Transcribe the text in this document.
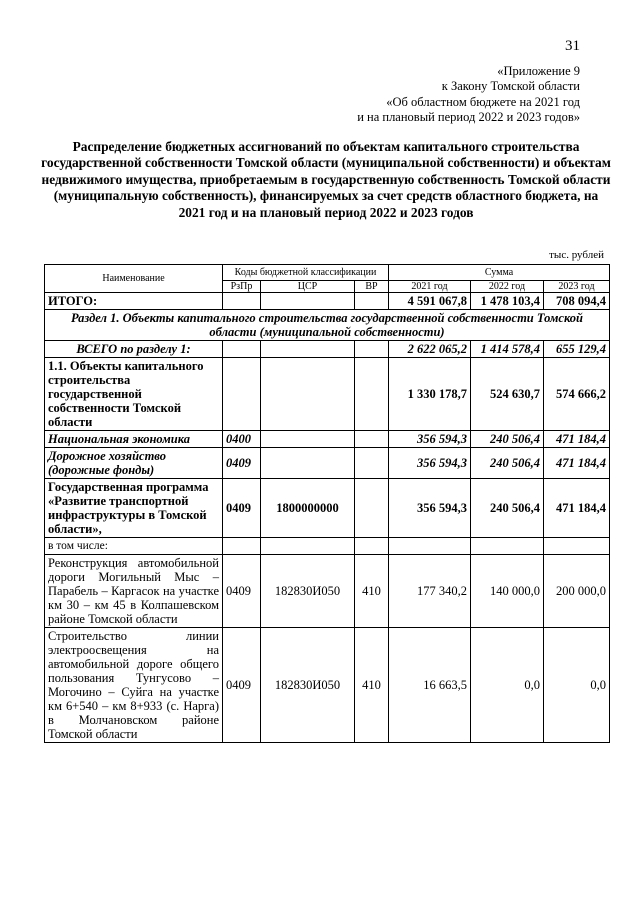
31
«Приложение 9
к Закону Томской области
«Об областном бюджете на 2021 год
и на плановый период 2022 и 2023 годов»
Распределение бюджетных ассигнований по объектам капитального строительства государственной собственности Томской области (муниципальной собственности) и объектам недвижимого имущества, приобретаемым в государственную собственность Томской области (муниципальную собственность), финансируемых за счет средств областного бюджета, на 2021 год и на плановый период 2022 и 2023 годов
тыс. рублей
Наименование	Коды бюджетной классификации			Сумма		
	РзПр	ЦСР	ВР	2021 год	2022 год	2023 год
ИТОГО:				4 591 067,8	1 478 103,4	708 094,4
Раздел 1. Объекты капитального строительства государственной собственности Томской области (муниципальной собственности)						
ВСЕГО по разделу 1:				2 622 065,2	1 414 578,4	655 129,4
1.1. Объекты капитального строительства государственной собственности Томской области				1 330 178,7	524 630,7	574 666,2
Национальная экономика	0400			356 594,3	240 506,4	471 184,4
Дорожное хозяйство (дорожные фонды)	0409			356 594,3	240 506,4	471 184,4
Государственная программа «Развитие транспортной инфраструктуры в Томской области»,	0409	1800000000		356 594,3	240 506,4	471 184,4
в том числе:						
Реконструкция автомобильной дороги Могильный Мыс – Парабель – Каргасок на участке км 30 – км 45 в Колпашевском районе Томской области	0409	182830И050	410	177 340,2	140 000,0	200 000,0
Строительство линии электроосвещения на автомобильной дороге общего пользования Тунгусово – Могочино – Суйга на участке км 6+540 – км 8+933 (с. Нарга) в Молчановском районе Томской области	0409	182830И050	410	16 663,5	0,0	0,0
